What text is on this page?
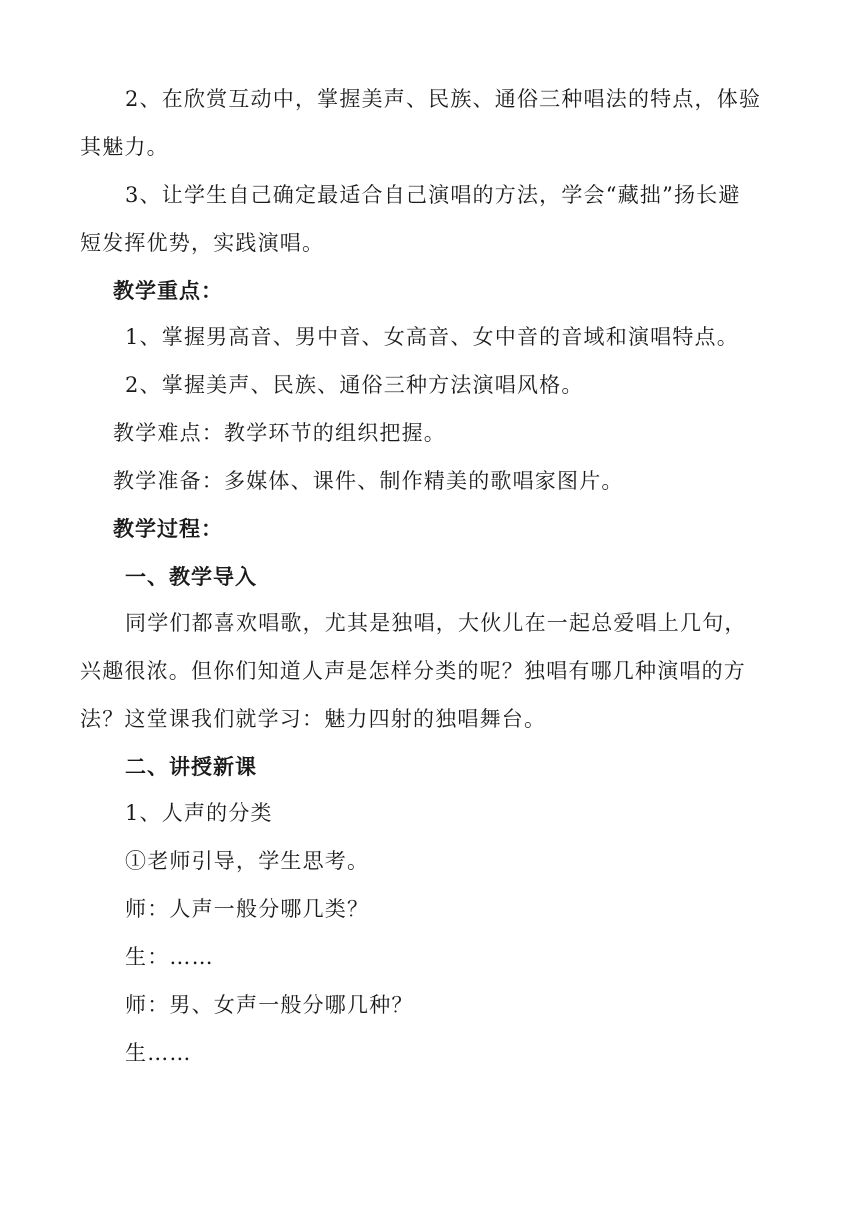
2、在欣赏互动中，掌握美声、民族、通俗三种唱法的特点，体验
其魅力。
3、让学生自己确定最适合自己演唱的方法，学会“藏拙”扬长避
短发挥优势，实践演唱。
教学重点：
1、掌握男高音、男中音、女高音、女中音的音域和演唱特点。
2、掌握美声、民族、通俗三种方法演唱风格。
教学难点：教学环节的组织把握。
教学准备：多媒体、课件、制作精美的歌唱家图片。
教学过程：
一、教学导入
同学们都喜欢唱歌，尤其是独唱，大伙儿在一起总爱唱上几句，
兴趣很浓。但你们知道人声是怎样分类的呢？独唱有哪几种演唱的方
法？这堂课我们就学习：魅力四射的独唱舞台。
二、讲授新课
1、人声的分类
①老师引导，学生思考。
师：人声一般分哪几类？
生：……
师：男、女声一般分哪几种？
生……
